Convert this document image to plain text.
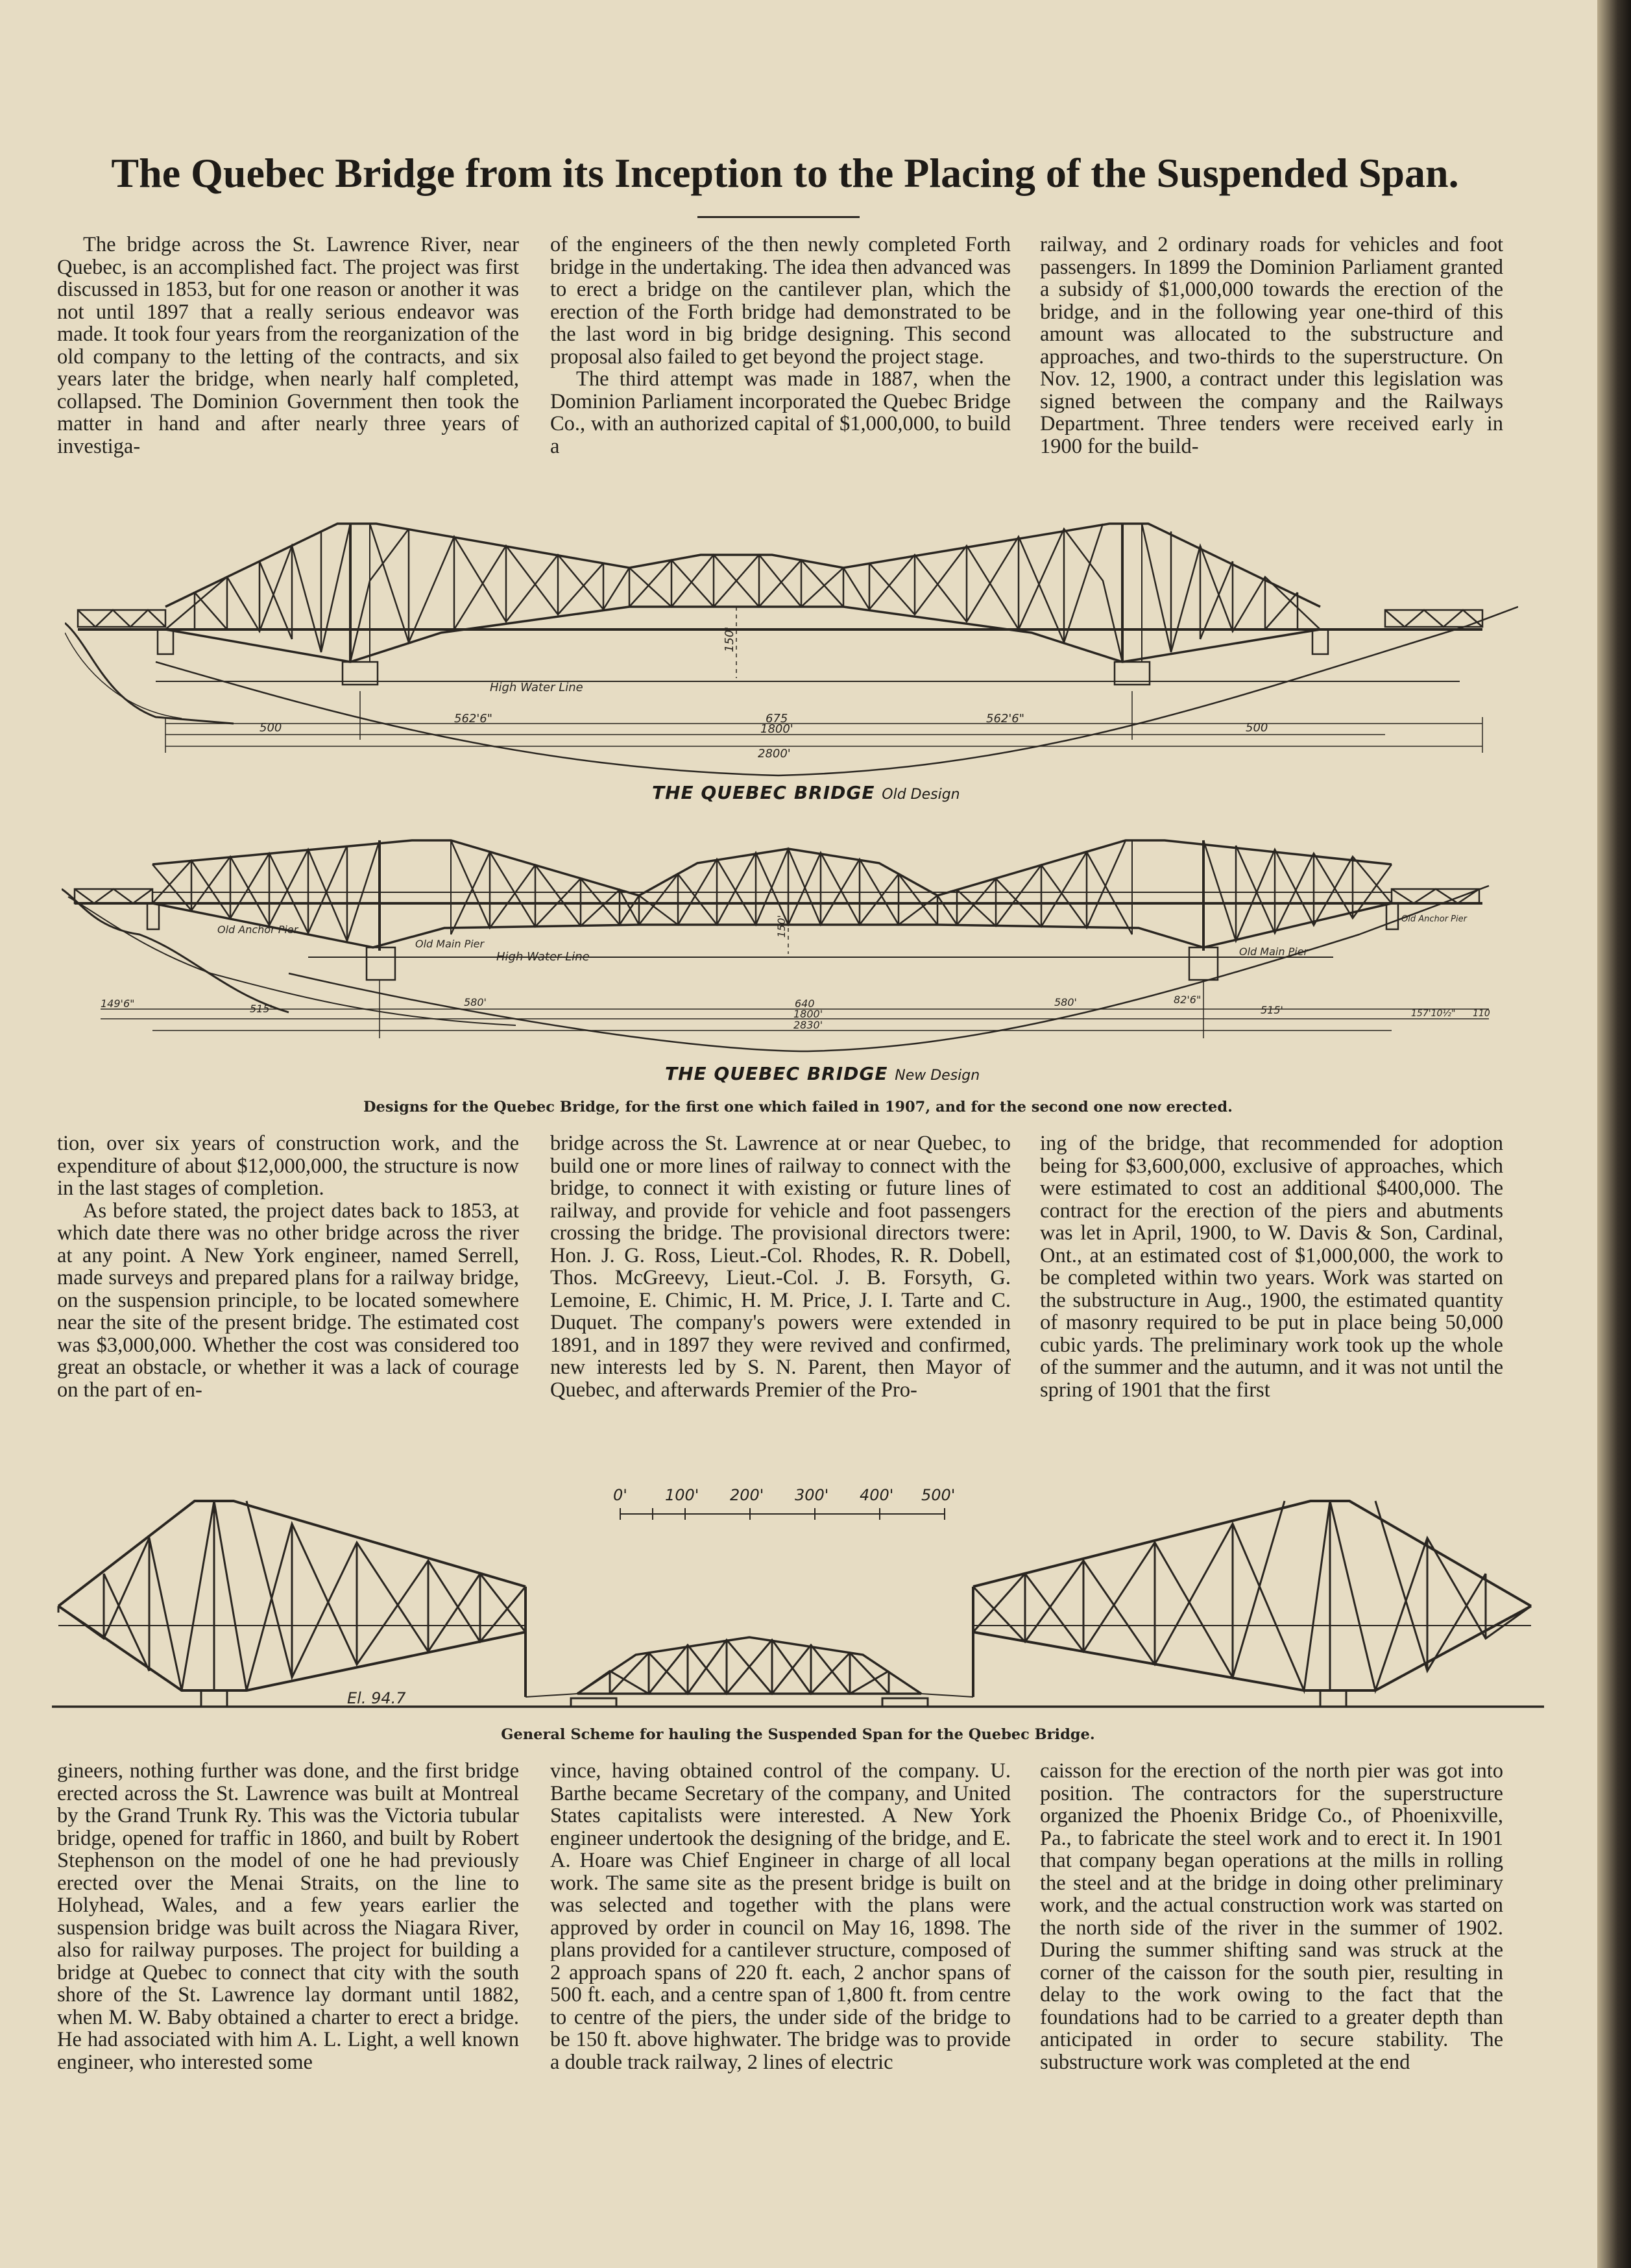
The Quebec Bridge from its Inception to the Placing of the Suspended Span.

The bridge across the St. Lawrence River, near Quebec, is an accomplished fact. The project was first discussed in 1853, but for one reason or another it was not until 1897 that a really serious endeavor was made. It took four years from the reorganization of the old company to the letting of the contracts, and six years later the bridge, when nearly half completed, collapsed. The Dominion Government then took the matter in hand and after nearly three years of investiga-

of the engineers of the then newly completed Forth bridge in the undertaking. The idea then advanced was to erect a bridge on the cantilever plan, which the erection of the Forth bridge had demonstrated to be the last word in big bridge designing. This second proposal also failed to get beyond the project stage.

The third attempt was made in 1887, when the Dominion Parliament incorporated the Quebec Bridge Co., with an authorized capital of $1,000,000, to build a

railway, and 2 ordinary roads for vehicles and foot passengers. In 1899 the Dominion Parliament granted a subsidy of $1,000,000 towards the erection of the bridge, and in the following year one-third of this amount was allocated to the substructure and approaches, and two-thirds to the superstructure. On Nov. 12, 1900, a contract under this legislation was signed between the company and the Railways Department. Three tenders were received early in 1900 for the build-

High Water Line
150'
500
562'6"	675
1800'
562'6"
500
2800'
THE QUEBEC BRIDGE Old Design
Old Anchor Pier
Old Main Pier
Old Main Pier
Old Anchor Pier
High Water Line
150'
149'6"	515'
580'	640
1800'
580'	82'6"
515'	157'10½" 110
2830'
THE QUEBEC BRIDGE New Design
Designs for the Quebec Bridge, for the first one which failed in 1907, and for the second one now erected.

tion, over six years of construction work, and the expenditure of about $12,000,000, the structure is now in the last stages of completion.

As before stated, the project dates back to 1853, at which date there was no other bridge across the river at any point. A New York engineer, named Serrell, made surveys and prepared plans for a railway bridge, on the suspension principle, to be located somewhere near the site of the present bridge. The estimated cost was $3,000,000. Whether the cost was considered too great an obstacle, or whether it was a lack of courage on the part of en-

bridge across the St. Lawrence at or near Quebec, to build one or more lines of railway to connect with the bridge, to connect it with existing or future lines of railway, and provide for vehicle and foot passengers crossing the bridge. The provisional directors twere: Hon. J. G. Ross, Lieut.-Col. Rhodes, R. R. Dobell, Thos. McGreevy, Lieut.-Col. J. B. Forsyth, G. Lemoine, E. Chimic, H. M. Price, J. I. Tarte and C. Duquet. The company's powers were extended in 1891, and in 1897 they were revived and confirmed, new interests led by S. N. Parent, then Mayor of Quebec, and afterwards Premier of the Pro-

ing of the bridge, that recommended for adoption being for $3,600,000, exclusive of approaches, which were estimated to cost an additional $400,000. The contract for the erection of the piers and abutments was let in April, 1900, to W. Davis & Son, Cardinal, Ont., at an estimated cost of $1,000,000, the work to be completed within two years. Work was started on the substructure in Aug., 1900, the estimated quantity of masonry required to be put in place being 50,000 cubic yards. The preliminary work took up the whole of the summer and the autumn, and it was not until the spring of 1901 that the first

El. 94.7
0' 100' 200' 300' 400' 500'
General Scheme for hauling the Suspended Span for the Quebec Bridge.

gineers, nothing further was done, and the first bridge erected across the St. Lawrence was built at Montreal by the Grand Trunk Ry. This was the Victoria tubular bridge, opened for traffic in 1860, and built by Robert Stephenson on the model of one he had previously erected over the Menai Straits, on the line to Holyhead, Wales, and a few years earlier the suspension bridge was built across the Niagara River, also for railway purposes. The project for building a bridge at Quebec to connect that city with the south shore of the St. Lawrence lay dormant until 1882, when M. W. Baby obtained a charter to erect a bridge. He had associated with him A. L. Light, a well known engineer, who interested some

vince, having obtained control of the company. U. Barthe became Secretary of the company, and United States capitalists were interested. A New York engineer undertook the designing of the bridge, and E. A. Hoare was Chief Engineer in charge of all local work. The same site as the present bridge is built on was selected and together with the plans were approved by order in council on May 16, 1898. The plans provided for a cantilever structure, composed of 2 approach spans of 220 ft. each, 2 anchor spans of 500 ft. each, and a centre span of 1,800 ft. from centre to centre of the piers, the under side of the bridge to be 150 ft. above highwater. The bridge was to provide a double track railway, 2 lines of electric

caisson for the erection of the north pier was got into position. The contractors for the superstructure organized the Phoenix Bridge Co., of Phoenixville, Pa., to fabricate the steel work and to erect it. In 1901 that company began operations at the mills in rolling the steel and at the bridge in doing other preliminary work, and the actual construction work was started on the north side of the river in the summer of 1902. During the summer shifting sand was struck at the corner of the caisson for the south pier, resulting in delay to the work owing to the fact that the foundations had to be carried to a greater depth than anticipated in order to secure stability. The substructure work was completed at the end
